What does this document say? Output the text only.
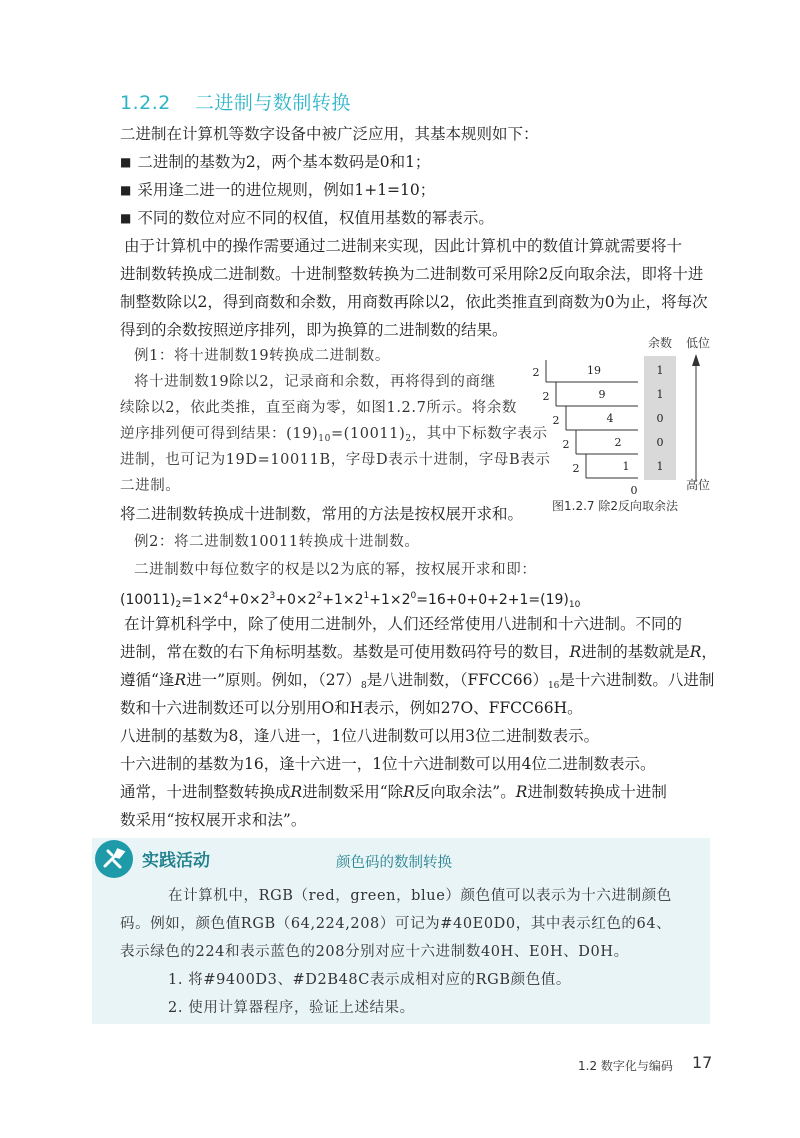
1.2.2 二进制与数制转换
二进制在计算机等数字设备中被广泛应用，其基本规则如下：
■ 二进制的基数为2，两个基本数码是0和1；
■ 采用逢二进一的进位规则，例如1+1=10；
■ 不同的数位对应不同的权值，权值用基数的幂表示。
由于计算机中的操作需要通过二进制来实现，因此计算机中的数值计算就需要将十
进制数转换成二进制数。十进制整数转换为二进制数可采用除2反向取余法，即将十进
制整数除以2，得到商数和余数，用商数再除以2，依此类推直到商数为0为止，将每次
得到的余数按照逆序排列，即为换算的二进制数的结果。
例1：将十进制数19转换成二进制数。
将十进制数19除以2，记录商和余数，再将得到的商继
续除以2，依此类推，直至商为零，如图1.2.7所示。将余数
逆序排列便可得到结果：$(19)_{10}=(10011)_2$，其中下标数字表示
进制，也可记为19D=10011B，字母D表示十进制，字母B表示
二进制。
19
2
9
2
4
2
2
2
1
2
0
1
1
0
0
1
余数 低位
高位
图1.2.7 除2反向取余法
将二进制数转换成十进制数，常用的方法是按权展开求和。
例2：将二进制数10011转换成十进制数。
二进制数中每位数字的权是以2为底的幂，按权展开求和即：
$(10011)_2=1\times 2^4+0\times 2^3+0\times 2^2+1\times 2^1+1\times 2^0=16+0+0+2+1=(19)_{10}$
在计算机科学中，除了使用二进制外，人们还经常使用八进制和十六进制。不同的
进制，常在数的右下角标明基数。基数是可使用数码符号的数目，R进制的基数就是R，
遵循“逢R进一”原则。例如，$(27)_8$是八进制数，$(FFCC66)_{16}$是十六进制数。八进制
数和十六进制数还可以分别用O和H表示，例如27O、FFCC66H。
八进制的基数为8，逢八进一，1位八进制数可以用3位二进制数表示。
十六进制的基数为16，逢十六进一，1位十六进制数可以用4位二进制数表示。
通常，十进制整数转换成R进制数采用“除R反向取余法”。R进制数转换成十进制
数采用“按权展开求和法”。
实践活动	颜色码的数制转换
在计算机中，RGB（red，green，blue）颜色值可以表示为十六进制颜色
码。例如，颜色值RGB（64,224,208）可记为#40E0D0，其中表示红色的64、
表示绿色的224和表示蓝色的208分别对应十六进制数40H、E0H、D0H。
1. 将#9400D3、#D2B48C表示成相对应的RGB颜色值。
2. 使用计算器程序，验证上述结果。
1.2 数字化与编码 17
